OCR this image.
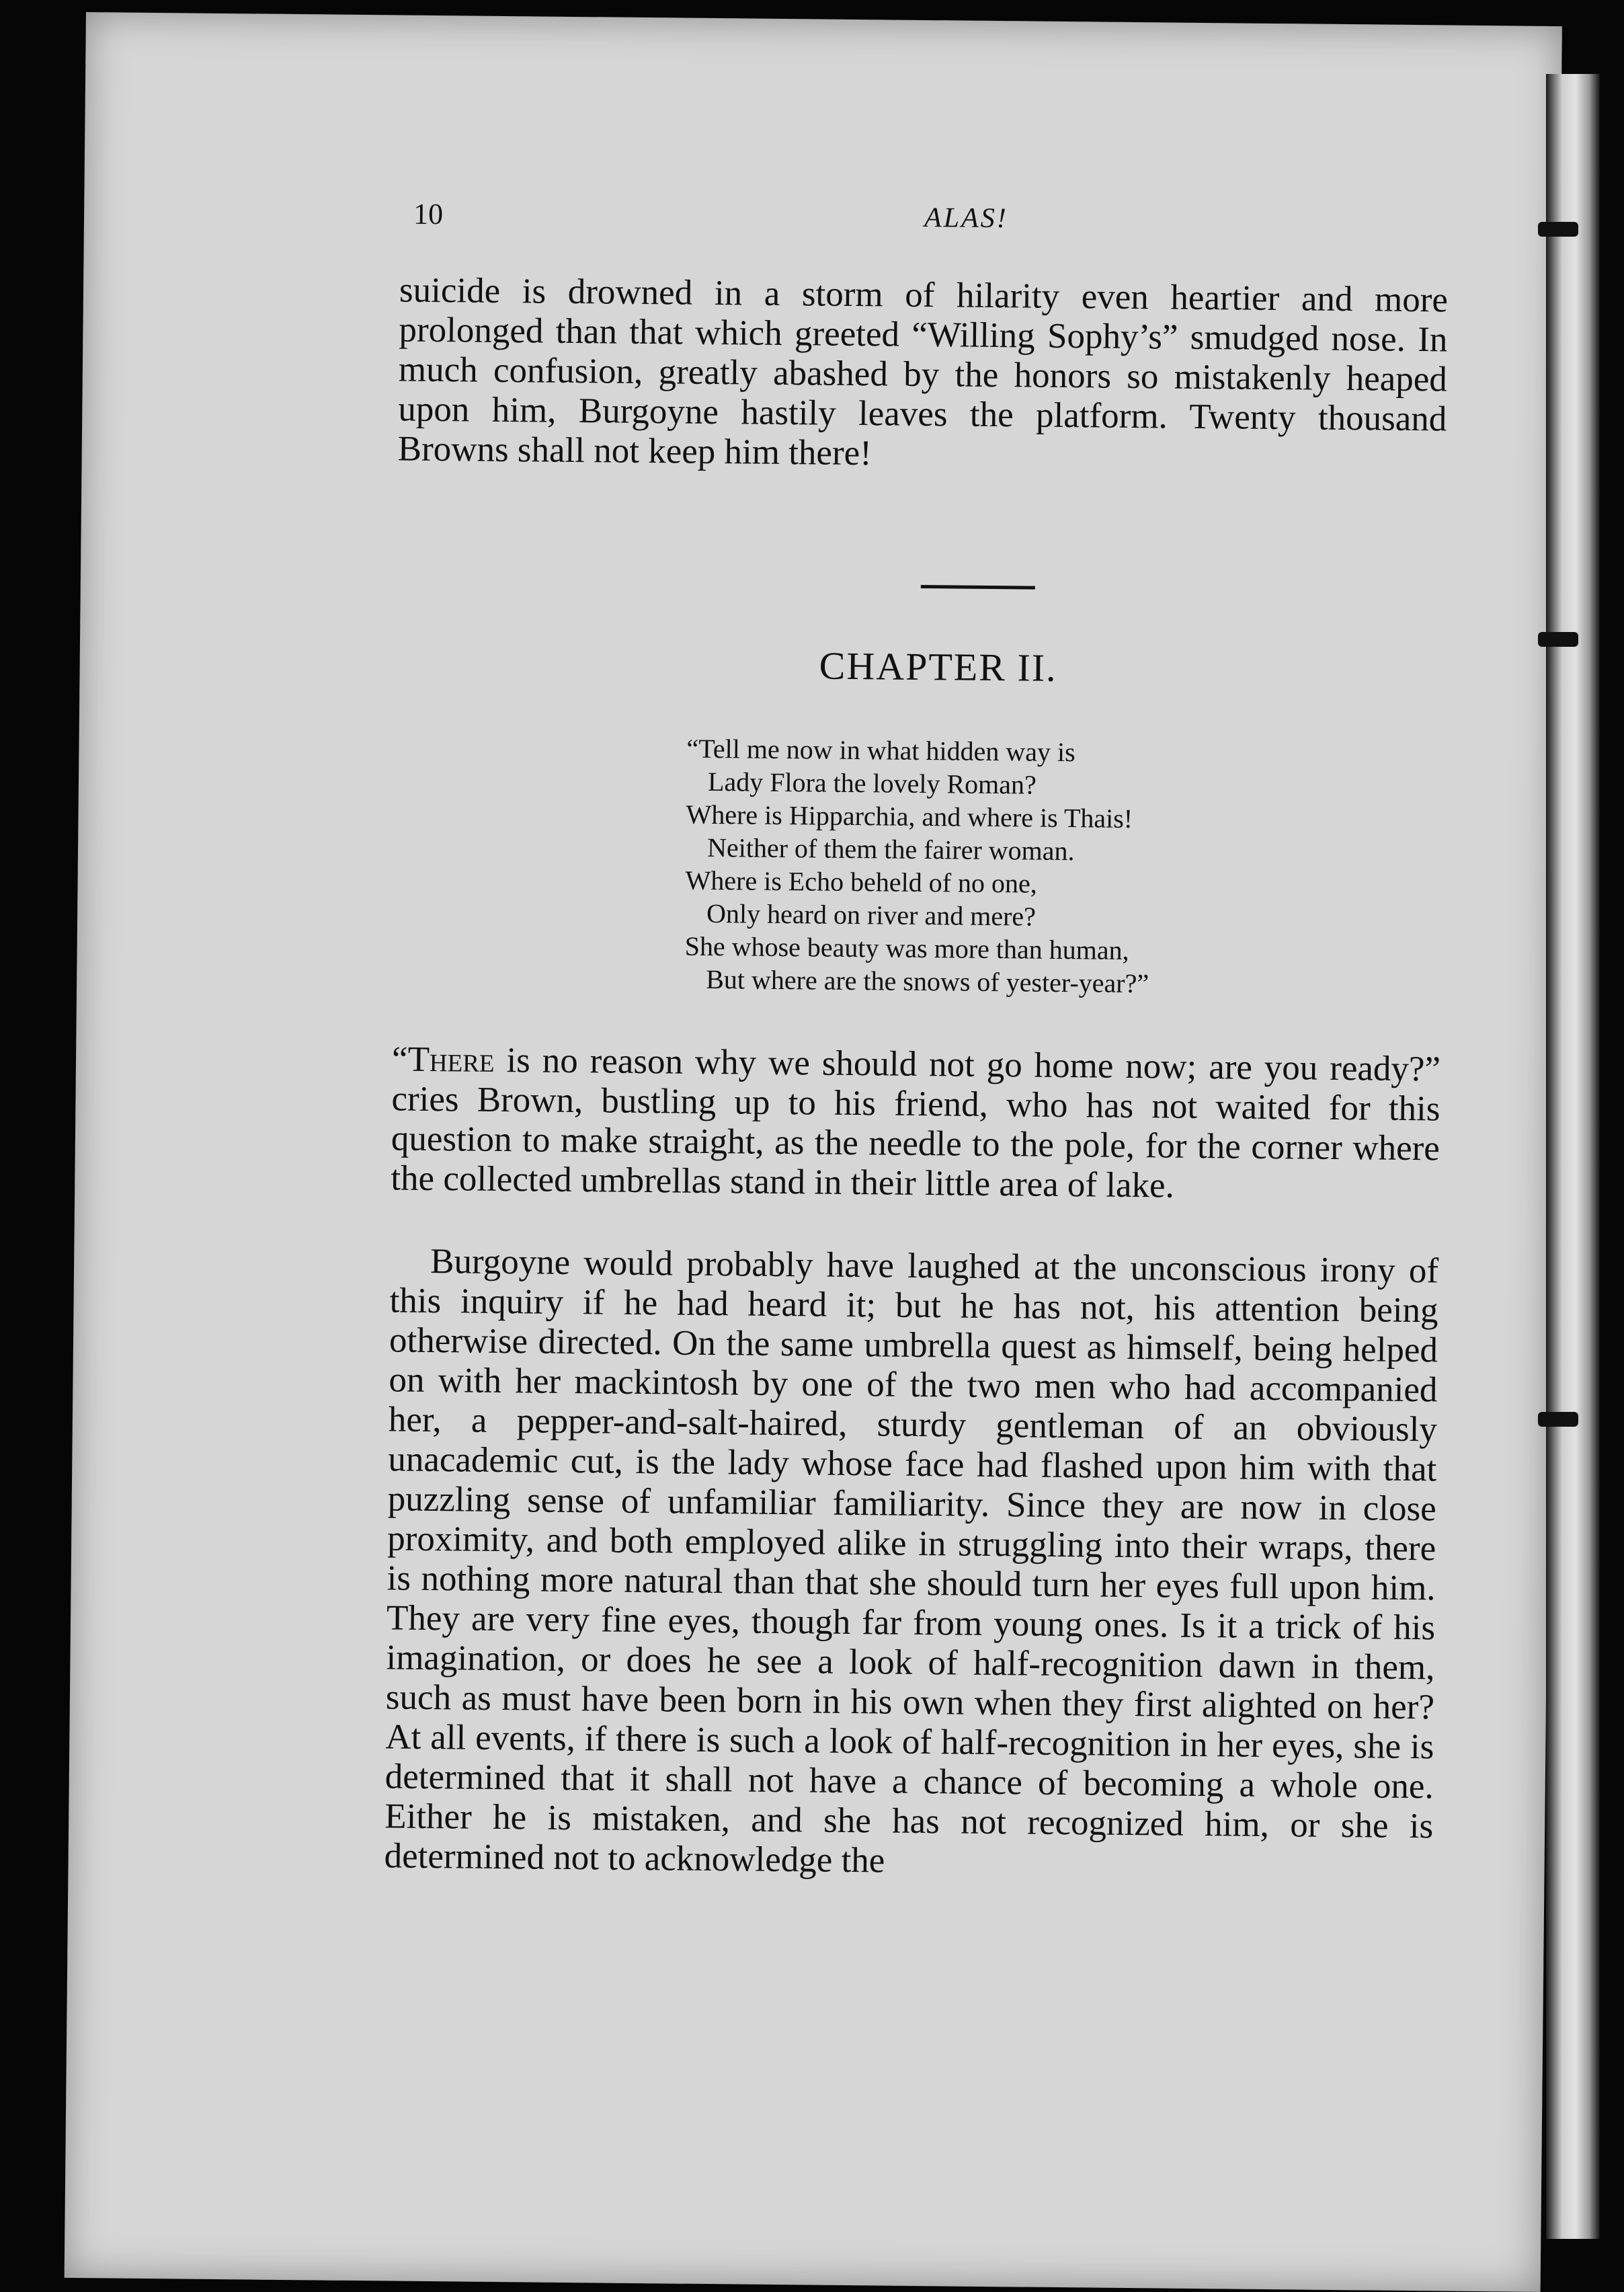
10	ALAS!

suicide is drowned in a storm of hilarity even heartier and more prolonged than that which greeted “Willing Sophy’s” smudged nose. In much confusion, greatly abashed by the honors so mistakenly heaped upon him, Burgoyne hastily leaves the platform. Twenty thousand Browns shall not keep him there!

CHAPTER II.
“Tell me now in what hidden way is
Lady Flora the lovely Roman?
Where is Hipparchia, and where is Thais!
Neither of them the fairer woman.
Where is Echo beheld of no one,
Only heard on river and mere?
She whose beauty was more than human,
But where are the snows of yester-year?”

“There is no reason why we should not go home now; are you ready?” cries Brown, bustling up to his friend, who has not waited for this question to make straight, as the needle to the pole, for the corner where the collected umbrellas stand in their little area of lake.

Burgoyne would probably have laughed at the unconscious irony of this inquiry if he had heard it; but he has not, his attention being otherwise directed. On the same umbrella quest as himself, being helped on with her mackintosh by one of the two men who had accompanied her, a pepper-and-salt-haired, sturdy gentleman of an obviously unacademic cut, is the lady whose face had flashed upon him with that puzzling sense of unfamiliar familiarity. Since they are now in close proximity, and both employed alike in struggling into their wraps, there is nothing more natural than that she should turn her eyes full upon him. They are very fine eyes, though far from young ones. Is it a trick of his imagination, or does he see a look of half-recognition dawn in them, such as must have been born in his own when they first alighted on her? At all events, if there is such a look of half-recognition in her eyes, she is determined that it shall not have a chance of becoming a whole one. Either he is mistaken, and she has not recognized him, or she is determined not to acknowledge the
